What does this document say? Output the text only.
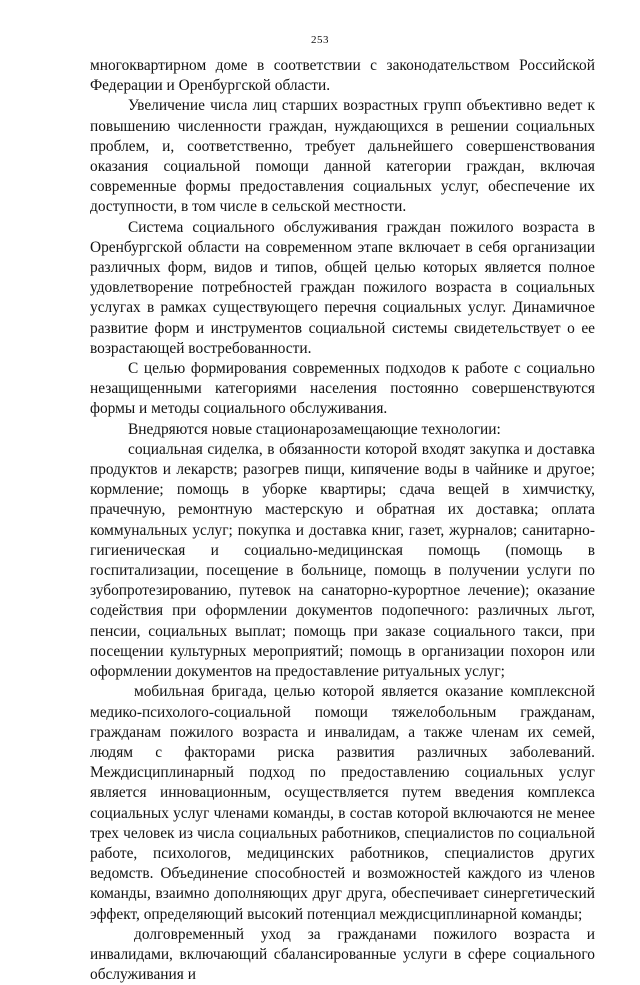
253

многоквартирном доме в соответствии с законодательством Российской Федерации и Оренбургской области.

Увеличение числа лиц старших возрастных групп объективно ведет к повышению численности граждан, нуждающихся в решении социальных проблем, и, соответственно, требует дальнейшего совершенствования оказания социальной помощи данной категории граждан, включая современные формы предоставления социальных услуг, обеспечение их доступности, в том числе в сельской местности.

Система социального обслуживания граждан пожилого возраста в Оренбургской области на современном этапе включает в себя организации различных форм, видов и типов, общей целью которых является полное удовлетворение потребностей граждан пожилого возраста в социальных услугах в рамках существующего перечня социальных услуг. Динамичное развитие форм и инструментов социальной системы свидетельствует о ее возрастающей востребованности.

С целью формирования современных подходов к работе с социально незащищенными категориями населения постоянно совершенствуются формы и методы социального обслуживания.

Внедряются новые стационарозамещающие технологии:

социальная сиделка, в обязанности которой входят закупка и доставка продуктов и лекарств; разогрев пищи, кипячение воды в чайнике и другое; кормление; помощь в уборке квартиры; сдача вещей в химчистку, прачечную, ремонтную мастерскую и обратная их доставка; оплата коммунальных услуг; покупка и доставка книг, газет, журналов; санитарно-гигиеническая и социально-медицинская помощь (помощь в госпитализации, посещение в больнице, помощь в получении услуги по зубопротезированию, путевок на санаторно-курортное лечение); оказание содействия при оформлении документов подопечного: различных льгот, пенсии, социальных выплат; помощь при заказе социального такси, при посещении культурных мероприятий; помощь в организации похорон или оформлении документов на предоставление ритуальных услуг;

мобильная бригада, целью которой является оказание комплексной медико-психолого-социальной помощи тяжелобольным гражданам, гражданам пожилого возраста и инвалидам, а также членам их семей, людям с факторами риска развития различных заболеваний. Междисциплинарный подход по предоставлению социальных услуг является инновационным, осуществляется путем введения комплекса социальных услуг членами команды, в состав которой включаются не менее трех человек из числа социальных работников, специалистов по социальной работе, психологов, медицинских работников, специалистов других ведомств. Объединение способностей и возможностей каждого из членов команды, взаимно дополняющих друг друга, обеспечивает синергетический эффект, определяющий высокий потенциал междисциплинарной команды;

долговременный уход за гражданами пожилого возраста и инвалидами, включающий сбалансированные услуги в сфере социального обслуживания и
